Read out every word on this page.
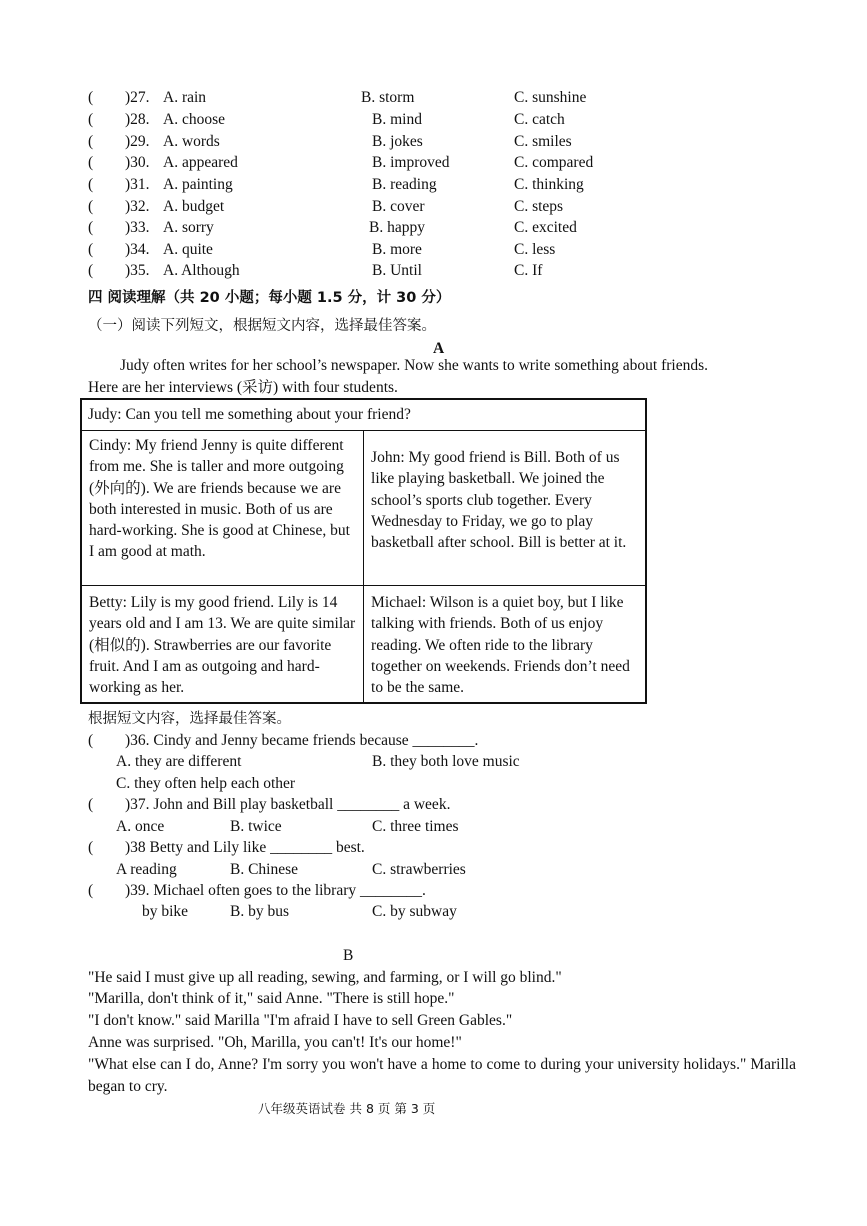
( )27. A. rain	B. storm	C. sunshine
( )28. A. choose	B. mind	C. catch
( )29. A. words	B. jokes	C. smiles
( )30. A. appeared	B. improved	C. compared
( )31. A. painting	B. reading	C. thinking
( )32. A. budget	B. cover	C. steps
( )33. A. sorry	B. happy	C. excited
( )34. A. quite	B. more	C. less
( )35. A. Although	B. Until	C. If
四 阅读理解（共 20 小题；每小题 1.5 分，计 30 分）
（一）阅读下列短文，根据短文内容，选择最佳答案。
A
Judy often writes for her school’s newspaper. Now she wants to write something about friends.
Here are her interviews (采访) with four students.
Judy: Can you tell me something about your friend?	
Cindy: My friend Jenny is quite different from me. She is taller and more outgoing (外向的). We are friends because we are both interested in music. Both of us are hard-working. She is good at Chinese, but I am good at math.	John: My good friend is Bill. Both of us like playing basketball. We joined the school’s sports club together. Every Wednesday to Friday, we go to play basketball after school. Bill is better at it.
Betty: Lily is my good friend. Lily is 14 years old and I am 13. We are quite similar (相似的). Strawberries are our favorite fruit. And I am as outgoing and hard-working as her.	Michael: Wilson is a quiet boy, but I like talking with friends. Both of us enjoy reading. We often ride to the library together on weekends. Friends don’t need to be the same.
根据短文内容，选择最佳答案。
( )36. Cindy and Jenny became friends because ________.
A. they are different	B. they both love music
C. they often help each other
( )37. John and Bill play basketball ________ a week.
A. once	B. twice	C. three times
( )38 Betty and Lily like ________ best.
A reading	B. Chinese	C. strawberries
( )39. Michael often goes to the library ________.
by bike	B. by bus	C. by subway
B
"He said I must give up all reading, sewing, and farming, or I will go blind."
"Marilla, don't think of it," said Anne. "There is still hope."
"I don't know." said Marilla "I'm afraid I have to sell Green Gables."
Anne was surprised. "Oh, Marilla, you can't! It's our home!"
"What else can I do, Anne? I'm sorry you won't have a home to come to during your university holidays." Marilla began to cry.
八年级英语试卷 共 8 页 第 3 页
